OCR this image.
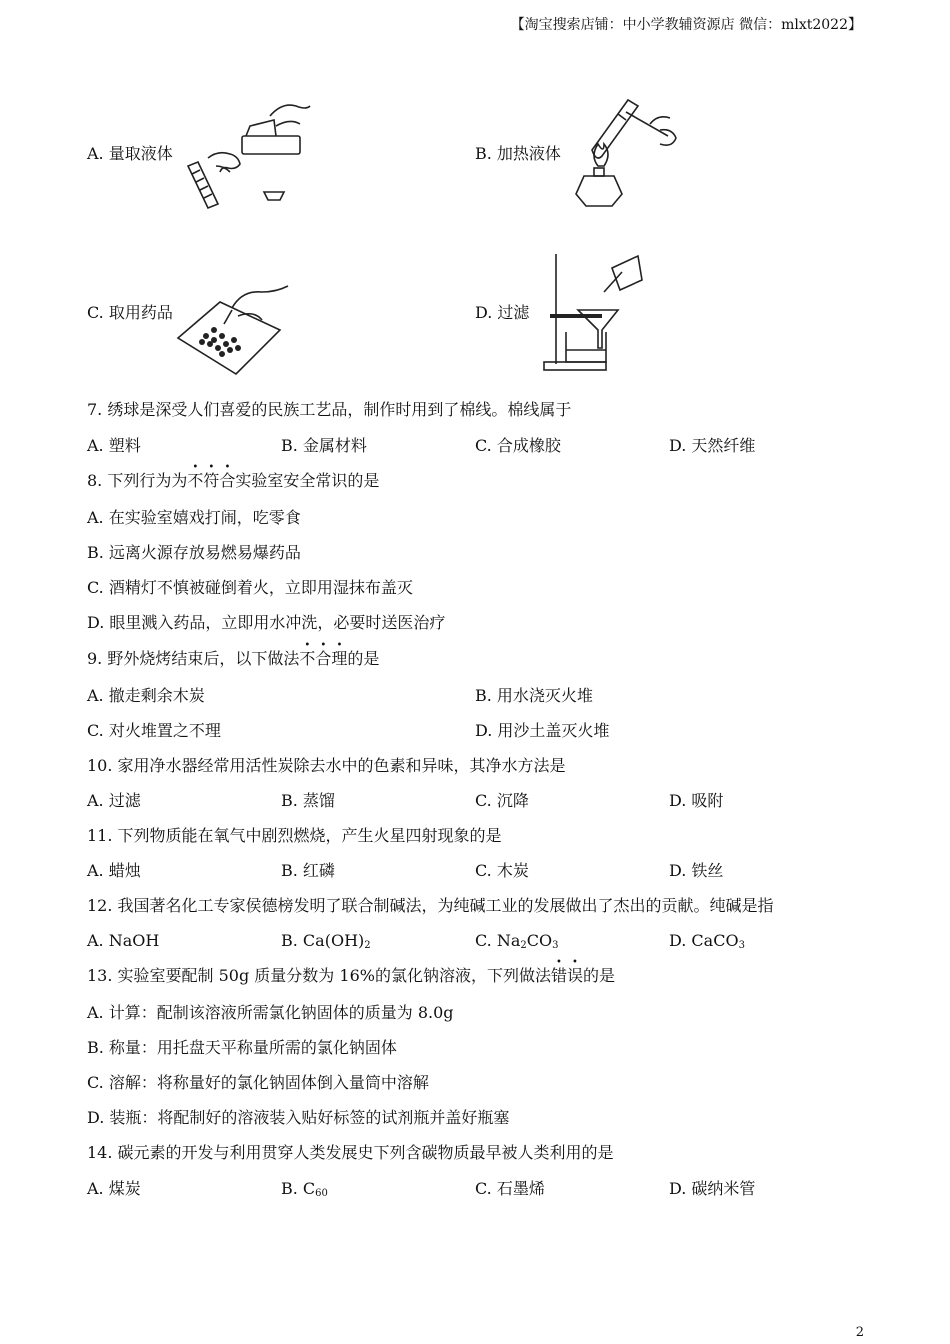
【淘宝搜索店铺：中小学教辅资源店 微信：mlxt2022】
A. 量取液体	B. 加热液体
C. 取用药品	D. 过滤
7. 绣球是深受人们喜爱的民族工艺品，制作时用到了棉线。棉线属于
A. 塑料	B. 金属材料	C. 合成橡胶	D. 天然纤维
8. 下列行为为不符合实验室安全常识的是
A. 在实验室嬉戏打闹，吃零食
B. 远离火源存放易燃易爆药品
C. 酒精灯不慎被碰倒着火，立即用湿抹布盖灭
D. 眼里溅入药品，立即用水冲洗，必要时送医治疗
9. 野外烧烤结束后，以下做法不合理的是
A. 撤走剩余木炭	B. 用水浇灭火堆
C. 对火堆置之不理	D. 用沙土盖灭火堆
10. 家用净水器经常用活性炭除去水中的色素和异味，其净水方法是
A. 过滤	B. 蒸馏	C. 沉降	D. 吸附
11. 下列物质能在氧气中剧烈燃烧，产生火星四射现象的是
A. 蜡烛	B. 红磷	C. 木炭	D. 铁丝
12. 我国著名化工专家侯德榜发明了联合制碱法，为纯碱工业的发展做出了杰出的贡献。纯碱是指
A. NaOH	B. $Ca(OH)_2$	C. $Na_2CO_3$	D. CaCO$_3$
13. 实验室要配制 50g 质量分数为 16%的氯化钠溶液，下列做法错误的是
A. 计算：配制该溶液所需氯化钠固体的质量为 8.0g
B. 称量：用托盘天平称量所需的氯化钠固体
C. 溶解：将称量好的氯化钠固体倒入量筒中溶解
D. 装瓶：将配制好的溶液装入贴好标签的试剂瓶并盖好瓶塞
14. 碳元素的开发与利用贯穿人类发展史下列含碳物质最早被人类利用的是
A. 煤炭	B. $C_{60}$	C. 石墨烯	D. 碳纳米管
2
